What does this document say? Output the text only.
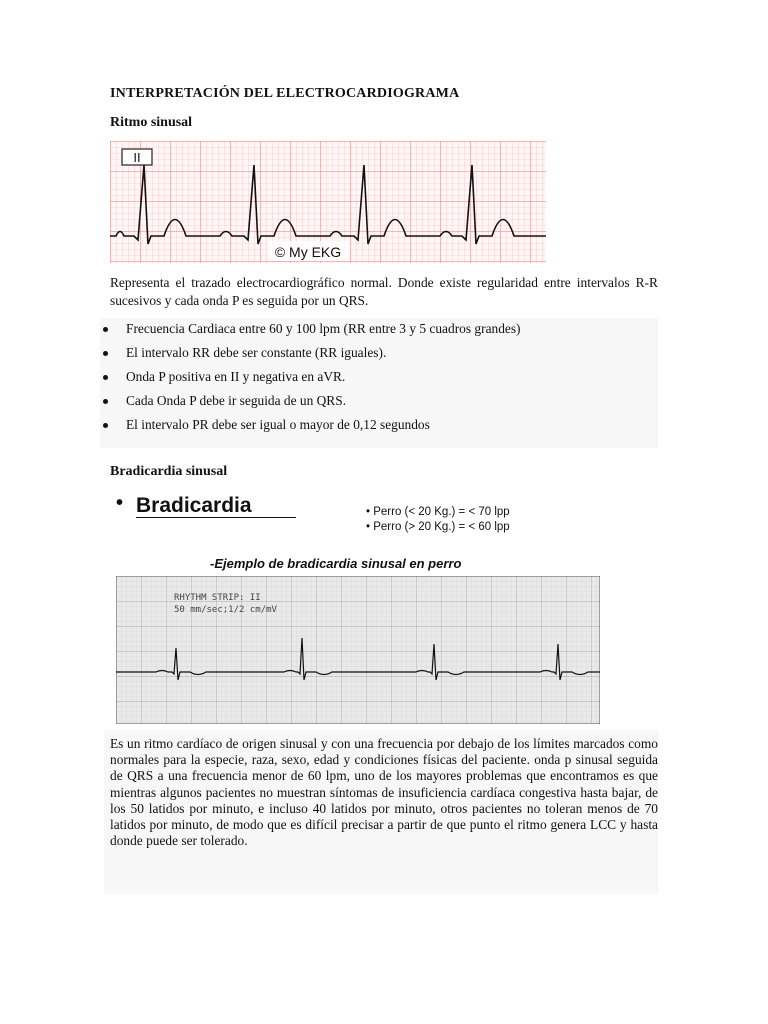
INTERPRETACIÓN DEL ELECTROCARDIOGRAMA
Ritmo sinusal
II
© My EKG
Representa el trazado electrocardiográfico normal. Donde existe regularidad entre intervalos R-R sucesivos y cada onda P es seguida por un QRS.
Frecuencia Cardiaca entre 60 y 100 lpm (RR entre 3 y 5 cuadros grandes)
El intervalo RR debe ser constante (RR iguales).
Onda P positiva en II y negativa en aVR.
Cada Onda P debe ir seguida de un QRS.
El intervalo PR debe ser igual o mayor de 0,12 segundos
Bradicardia sinusal
• Bradicardia	• Perro (< 20 Kg.) = < 70 lpp
• Perro (> 20 Kg.) = < 60 lpp
-Ejemplo de bradicardia sinusal en perro
RHYTHM STRIP: II
50 mm/sec;1/2 cm/mV
Es un ritmo cardíaco de origen sinusal y con una frecuencia por debajo de los límites marcados como normales para la especie, raza, sexo, edad y condiciones físicas del paciente. onda p sinusal seguida de QRS a una frecuencia menor de 60 lpm, uno de los mayores problemas que encontramos es que mientras algunos pacientes no muestran síntomas de insuficiencia cardíaca congestiva hasta bajar, de los 50 latidos por minuto, e incluso 40 latidos por minuto, otros pacientes no toleran menos de 70 latidos por minuto, de modo que es difícil precisar a partir de que punto el ritmo genera LCC y hasta donde puede ser tolerado.
